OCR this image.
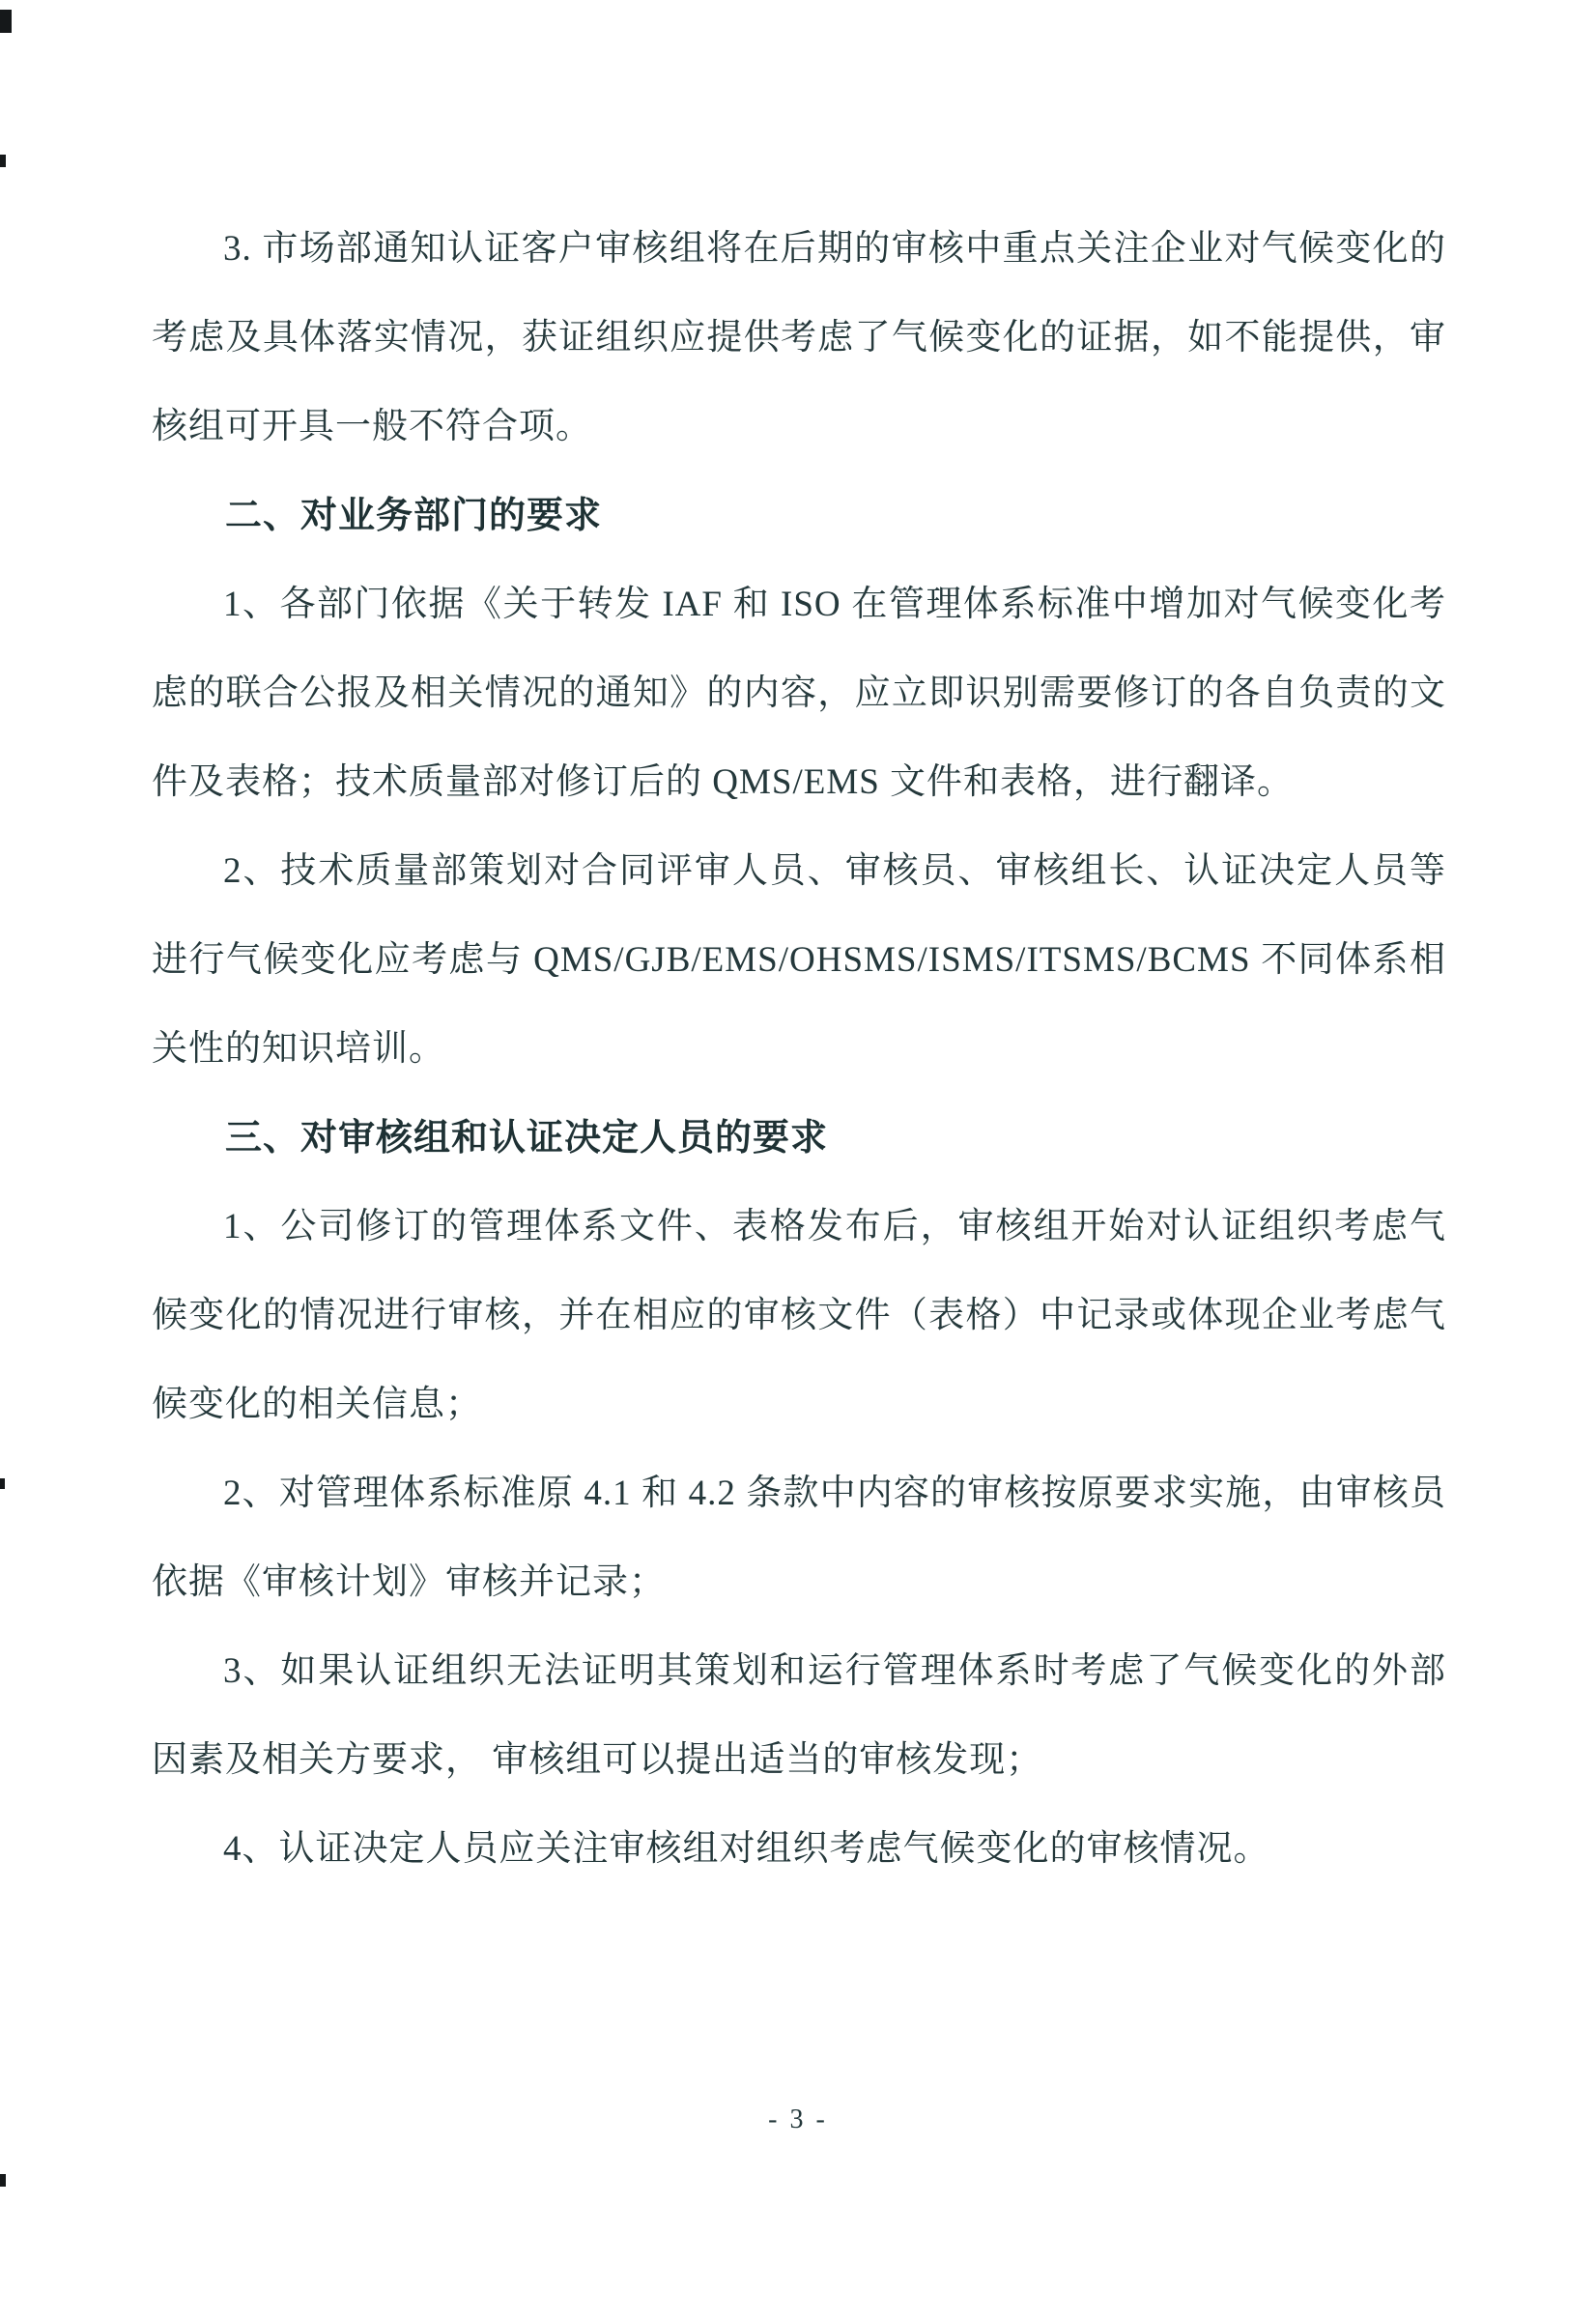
3. 市场部通知认证客户审核组将在后期的审核中重点关注企业对气候变化的考虑及具体落实情况，获证组织应提供考虑了气候变化的证据，如不能提供，审核组可开具一般不符合项。

二、对业务部门的要求

1、各部门依据《关于转发 IAF 和 ISO 在管理体系标准中增加对气候变化考虑的联合公报及相关情况的通知》的内容，应立即识别需要修订的各自负责的文件及表格；技术质量部对修订后的 QMS/EMS 文件和表格，进行翻译。

2、技术质量部策划对合同评审人员、审核员、审核组长、认证决定人员等进行气候变化应考虑与 QMS/GJB/EMS/OHSMS/ISMS/ITSMS/BCMS 不同体系相关性的知识培训。

三、对审核组和认证决定人员的要求

1、公司修订的管理体系文件、表格发布后，审核组开始对认证组织考虑气候变化的情况进行审核，并在相应的审核文件（表格）中记录或体现企业考虑气候变化的相关信息；

2、对管理体系标准原 4.1 和 4.2 条款中内容的审核按原要求实施，由审核员依据《审核计划》审核并记录；

3、如果认证组织无法证明其策划和运行管理体系时考虑了气候变化的外部因素及相关方要求， 审核组可以提出适当的审核发现；

4、认证决定人员应关注审核组对组织考虑气候变化的审核情况。

- 3 -
